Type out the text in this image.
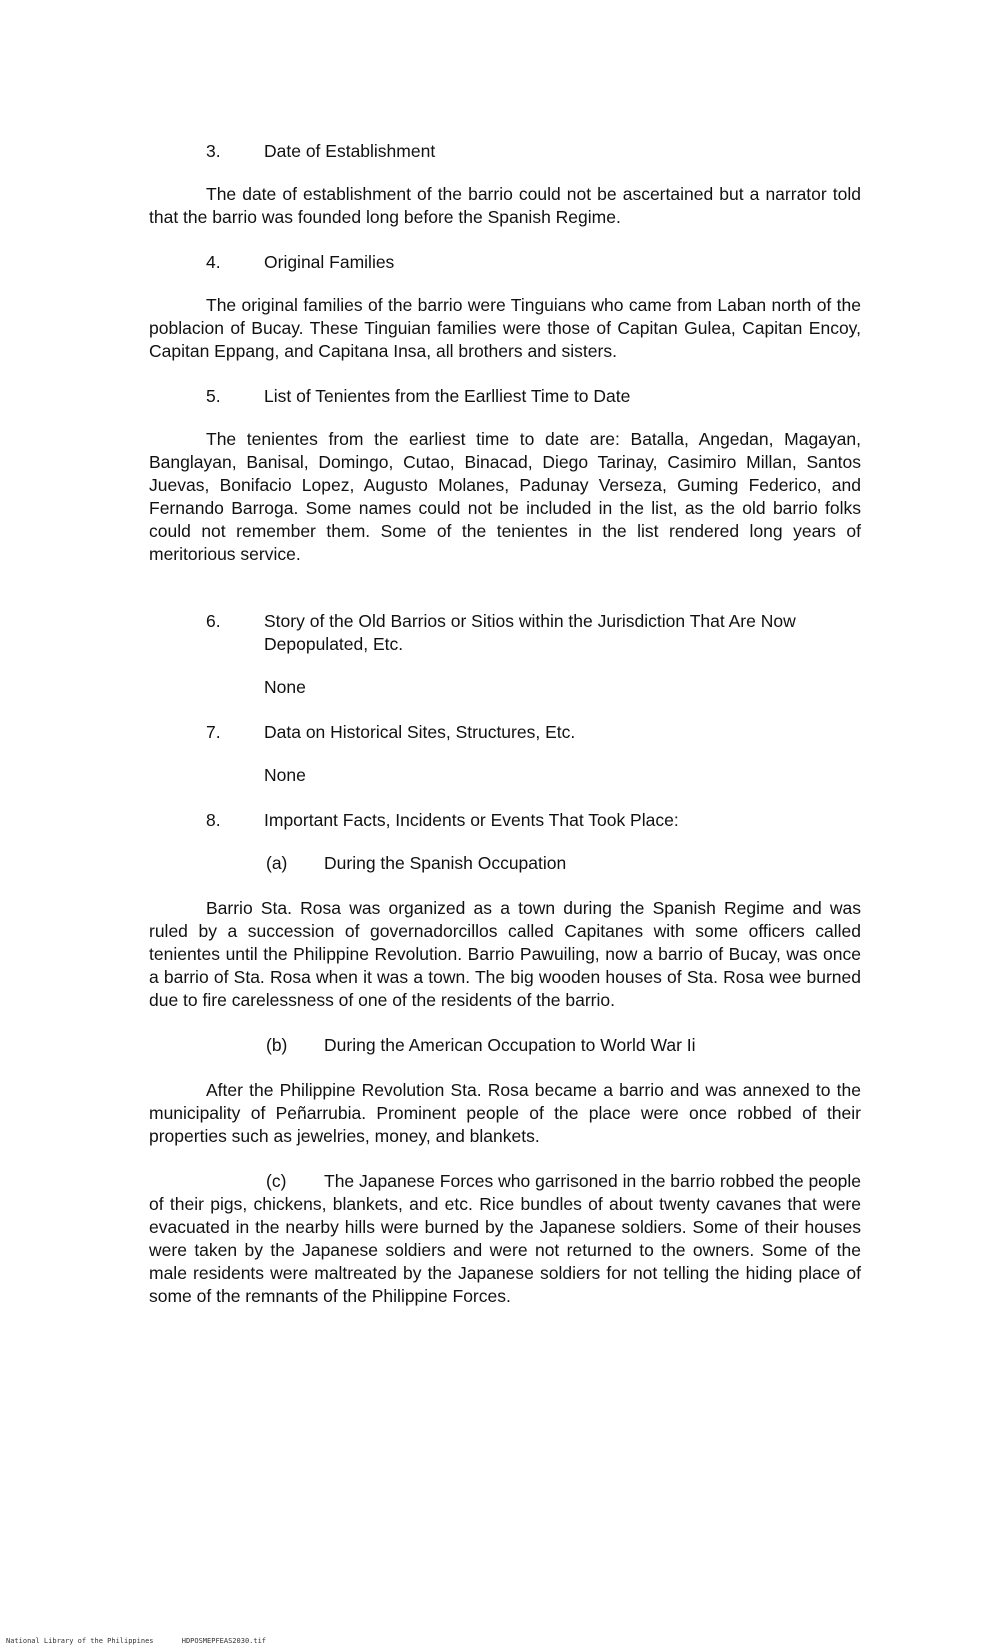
3. Date of Establishment

The date of establishment of the barrio could not be ascertained but a narrator told that the barrio was founded long before the Spanish Regime.

4. Original Families

The original families of the barrio were Tinguians who came from Laban north of the poblacion of Bucay. These Tinguian families were those of Capitan Gulea, Capitan Encoy, Capitan Eppang, and Capitana Insa, all brothers and sisters.

5. List of Tenientes from the Earlliest Time to Date

The tenientes from the earliest time to date are: Batalla, Angedan, Magayan, Banglayan, Banisal, Domingo, Cutao, Binacad, Diego Tarinay, Casimiro Millan, Santos Juevas, Bonifacio Lopez, Augusto Molanes, Padunay Verseza, Guming Federico, and Fernando Barroga. Some names could not be included in the list, as the old barrio folks could not remember them. Some of the tenientes in the list rendered long years of meritorious service.

6. Story of the Old Barrios or Sitios within the Jurisdiction That Are Now Depopulated, Etc.

None

7. Data on Historical Sites, Structures, Etc.

None

8. Important Facts, Incidents or Events That Took Place:
(a) During the Spanish Occupation

Barrio Sta. Rosa was organized as a town during the Spanish Regime and was ruled by a succession of governadorcillos called Capitanes with some officers called tenientes until the Philippine Revolution. Barrio Pawuiling, now a barrio of Bucay, was once a barrio of Sta. Rosa when it was a town. The big wooden houses of Sta. Rosa wee burned due to fire carelessness of one of the residents of the barrio.

(b) During the American Occupation to World War Ii

After the Philippine Revolution Sta. Rosa became a barrio and was annexed to the municipality of Peñarrubia. Prominent people of the place were once robbed of their properties such as jewelries, money, and blankets.

(c) The Japanese Forces who garrisoned in the barrio robbed the people of their pigs, chickens, blankets, and etc. Rice bundles of about twenty cavanes that were evacuated in the nearby hills were burned by the Japanese soldiers. Some of their houses were taken by the Japanese soldiers and were not returned to the owners. Some of the male residents were maltreated by the Japanese soldiers for not telling the hiding place of some of the remnants of the Philippine Forces.

National Library of the Philippines	HDPOSMEPFEAS2030.tif
